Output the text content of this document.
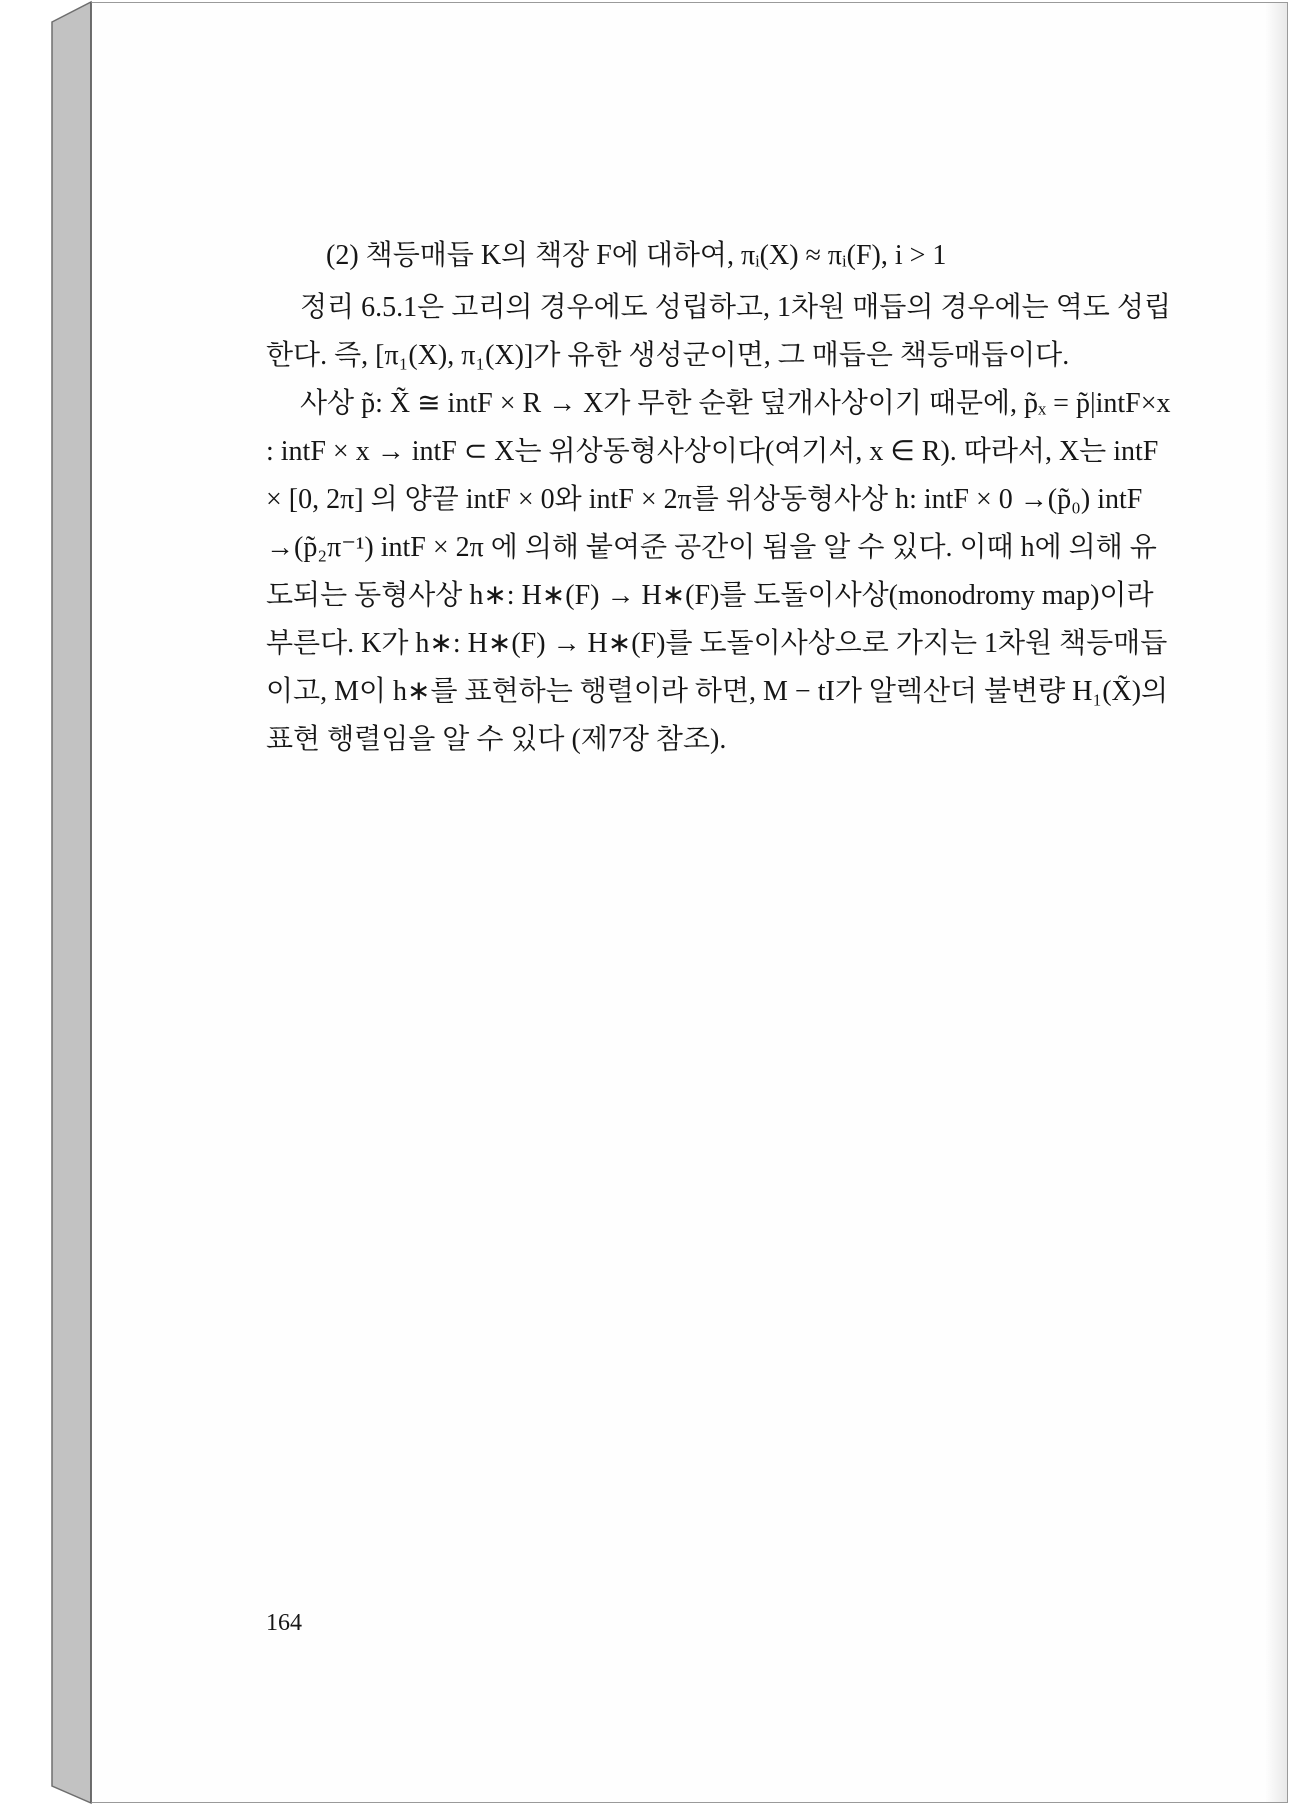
(2) 책등매듭 K의 책장 F에 대하여, πᵢ(X) ≈ πᵢ(F), i > 1

정리 6.5.1은 고리의 경우에도 성립하고, 1차원 매듭의 경우에는 역도 성립한다. 즉, [π₁(X), π₁(X)]가 유한 생성군이면, 그 매듭은 책등매듭이다.

사상 p̃: X̃ ≅ intF × R → X가 무한 순환 덮개사상이기 때문에, p̃ₓ = p̃|intF×x : intF × x → intF ⊂ X는 위상동형사상이다(여기서, x ∈ R). 따라서, X는 intF × [0, 2π] 의 양끝 intF × 0와 intF × 2π를 위상동형사상 h: intF × 0 →(p̃₀) intF →(p̃₂π⁻¹) intF × 2π 에 의해 붙여준 공간이 됨을 알 수 있다. 이때 h에 의해 유도되는 동형사상 h∗: H∗(F) → H∗(F)를 도돌이사상(monodromy map)이라 부른다. K가 h∗: H∗(F) → H∗(F)를 도돌이사상으로 가지는 1차원 책등매듭이고, M이 h∗를 표현하는 행렬이라 하면, M − tI가 알렉산더 불변량 H₁(X̃)의 표현 행렬임을 알 수 있다 (제7장 참조).

164
